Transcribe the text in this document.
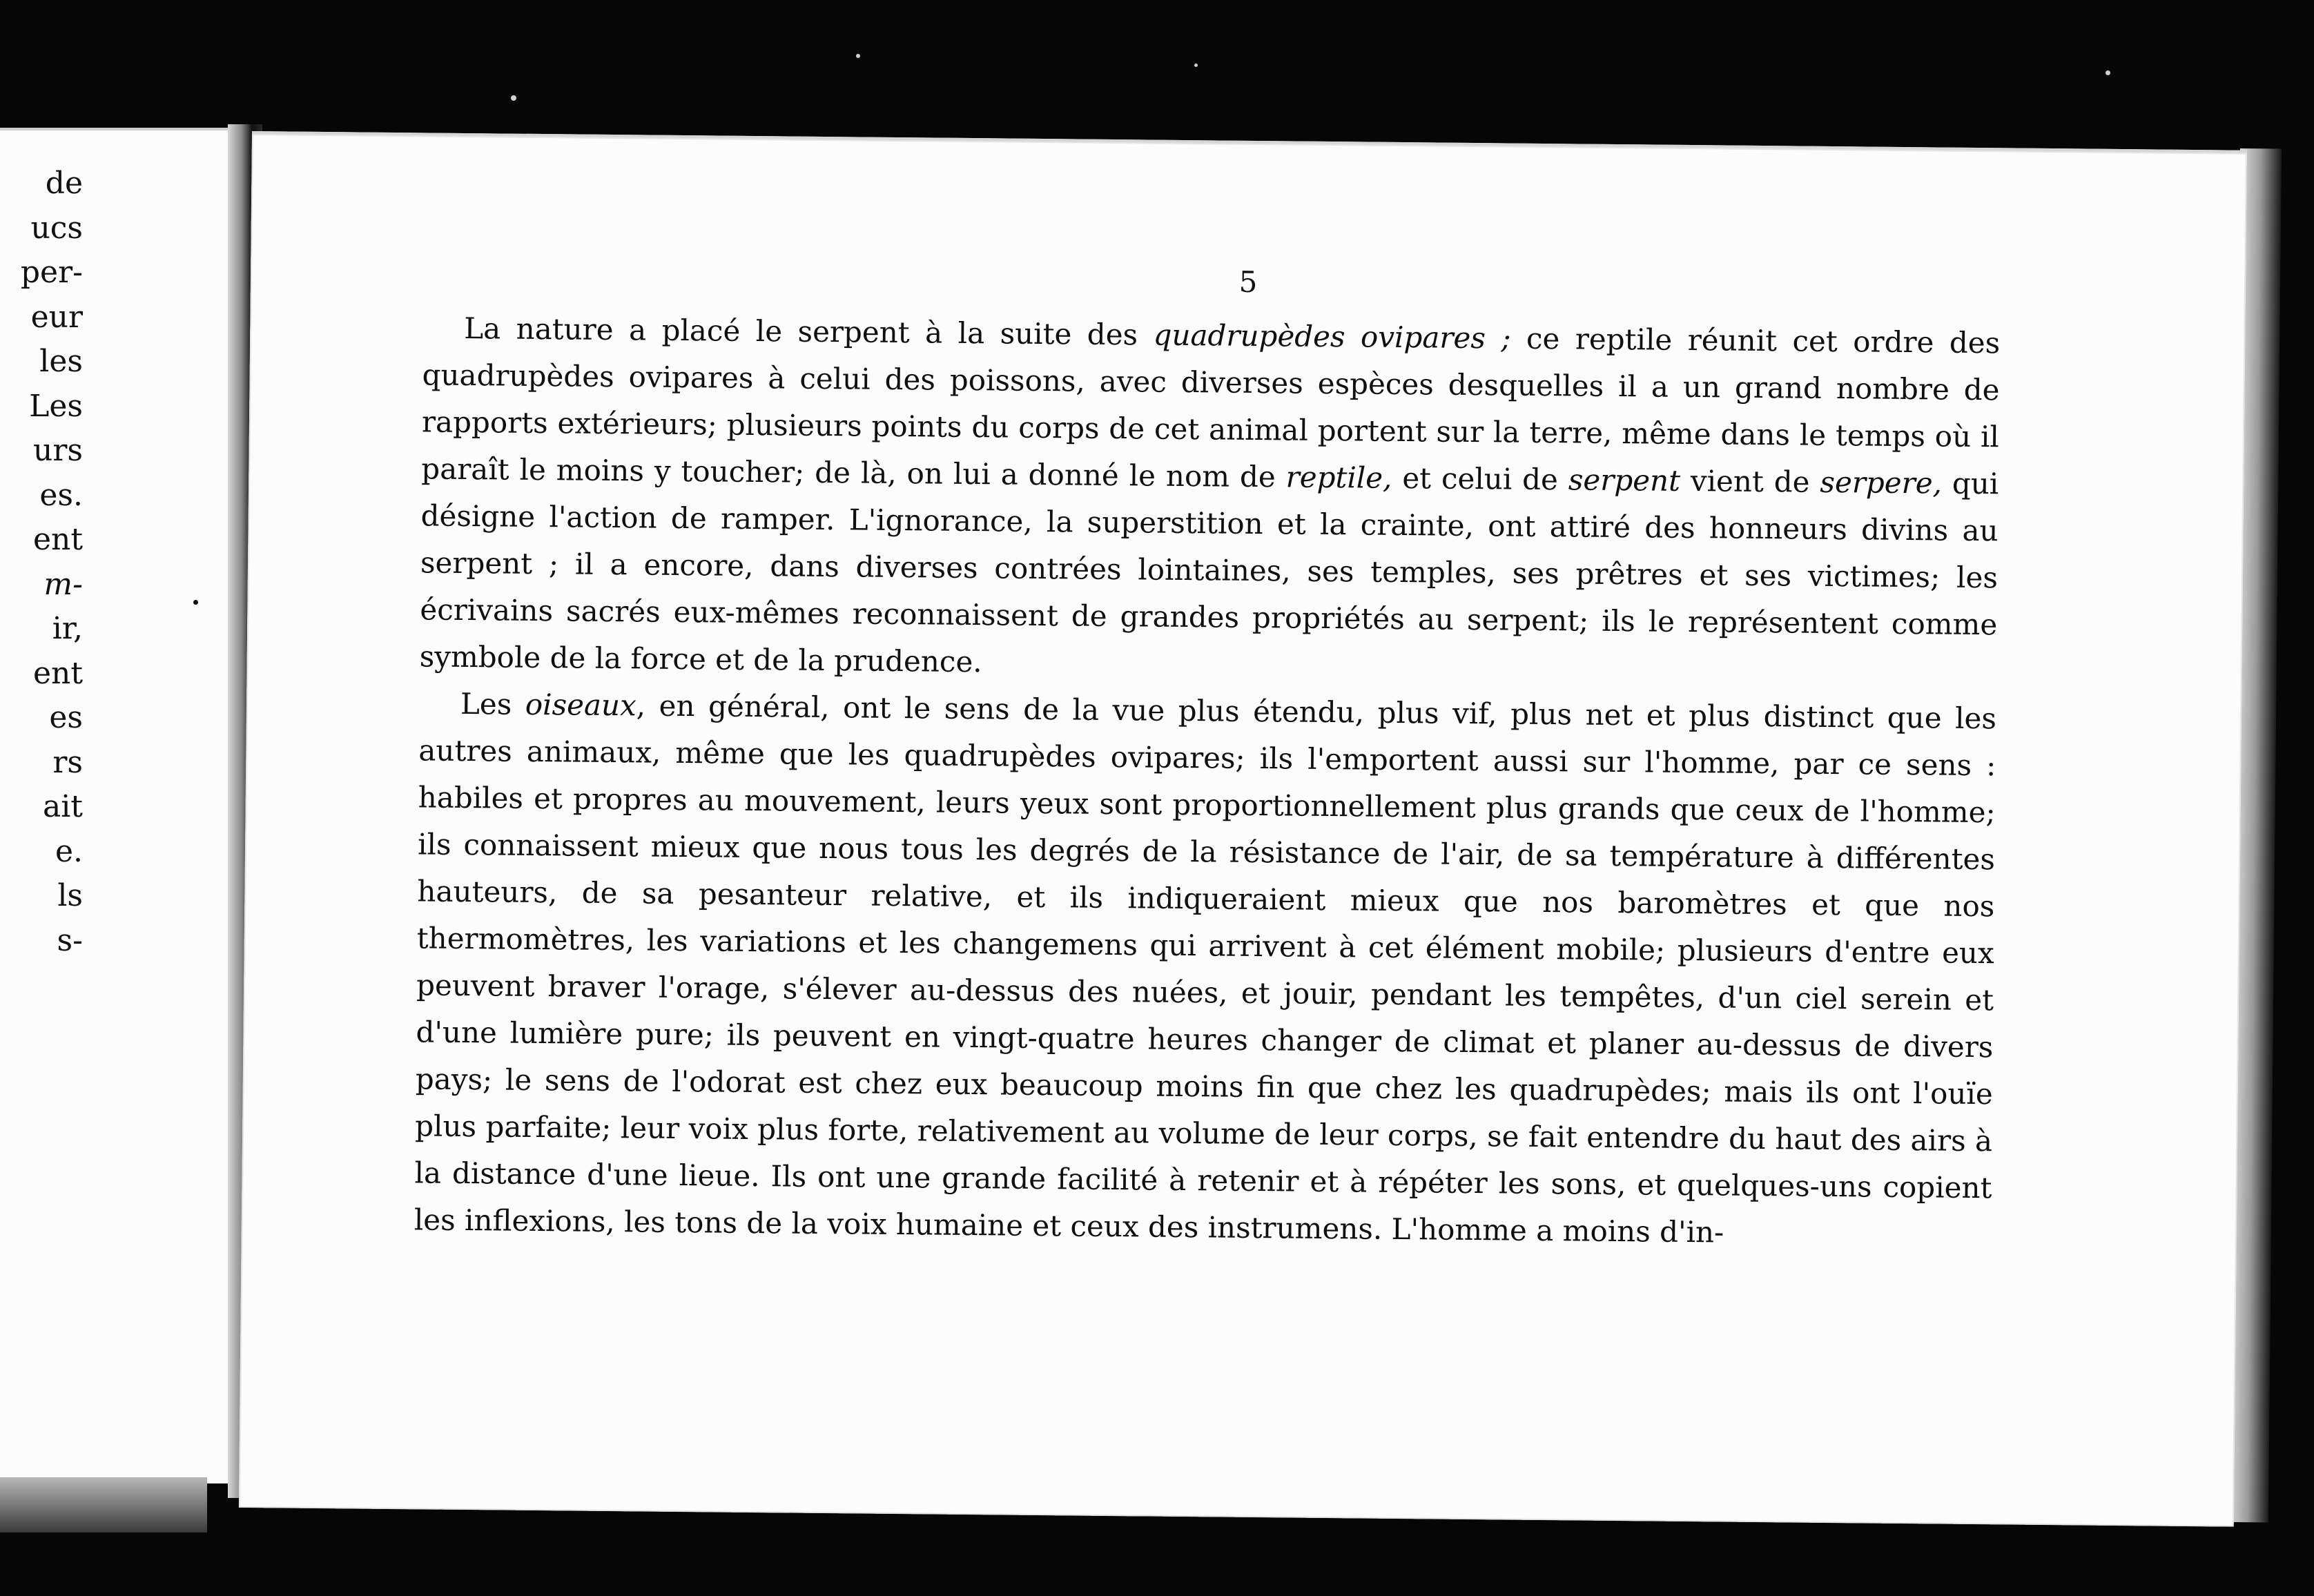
de
ucs
per-
eur
les
Les
urs
es.
ent
m-
ir,
ent
es
rs
ait
e.
ls
s-
5

La nature a placé le serpent à la suite des quadrupèdes ovipares ; ce reptile réunit cet ordre des quadrupèdes ovipares à celui des poissons, avec diverses espèces desquelles il a un grand nombre de rapports extérieurs; plusieurs points du corps de cet animal portent sur la terre, même dans le temps où il paraît le moins y toucher; de là, on lui a donné le nom de reptile, et celui de serpent vient de serpere, qui désigne l'action de ramper. L'ignorance, la superstition et la crainte, ont attiré des honneurs divins au serpent ; il a encore, dans diverses contrées lointaines, ses temples, ses prêtres et ses victimes; les écrivains sacrés eux-mêmes reconnaissent de grandes propriétés au serpent; ils le représentent comme symbole de la force et de la prudence.

Les oiseaux, en général, ont le sens de la vue plus étendu, plus vif, plus net et plus distinct que les autres animaux, même que les quadrupèdes ovipares; ils l'emportent aussi sur l'homme, par ce sens : habiles et propres au mouvement, leurs yeux sont proportionnellement plus grands que ceux de l'homme; ils connaissent mieux que nous tous les degrés de la résistance de l'air, de sa température à différentes hauteurs, de sa pesanteur relative, et ils indiqueraient mieux que nos baromètres et que nos thermomètres, les variations et les changemens qui arrivent à cet élément mobile; plusieurs d'entre eux peuvent braver l'orage, s'élever au-dessus des nuées, et jouir, pendant les tempêtes, d'un ciel serein et d'une lumière pure; ils peuvent en vingt-quatre heures changer de climat et planer au-dessus de divers pays; le sens de l'odorat est chez eux beaucoup moins fin que chez les quadrupèdes; mais ils ont l'ouïe plus parfaite; leur voix plus forte, relativement au volume de leur corps, se fait entendre du haut des airs à la distance d'une lieue. Ils ont une grande facilité à retenir et à répéter les sons, et quelques-uns copient les inflexions, les tons de la voix humaine et ceux des instrumens. L'homme a moins d'in-
